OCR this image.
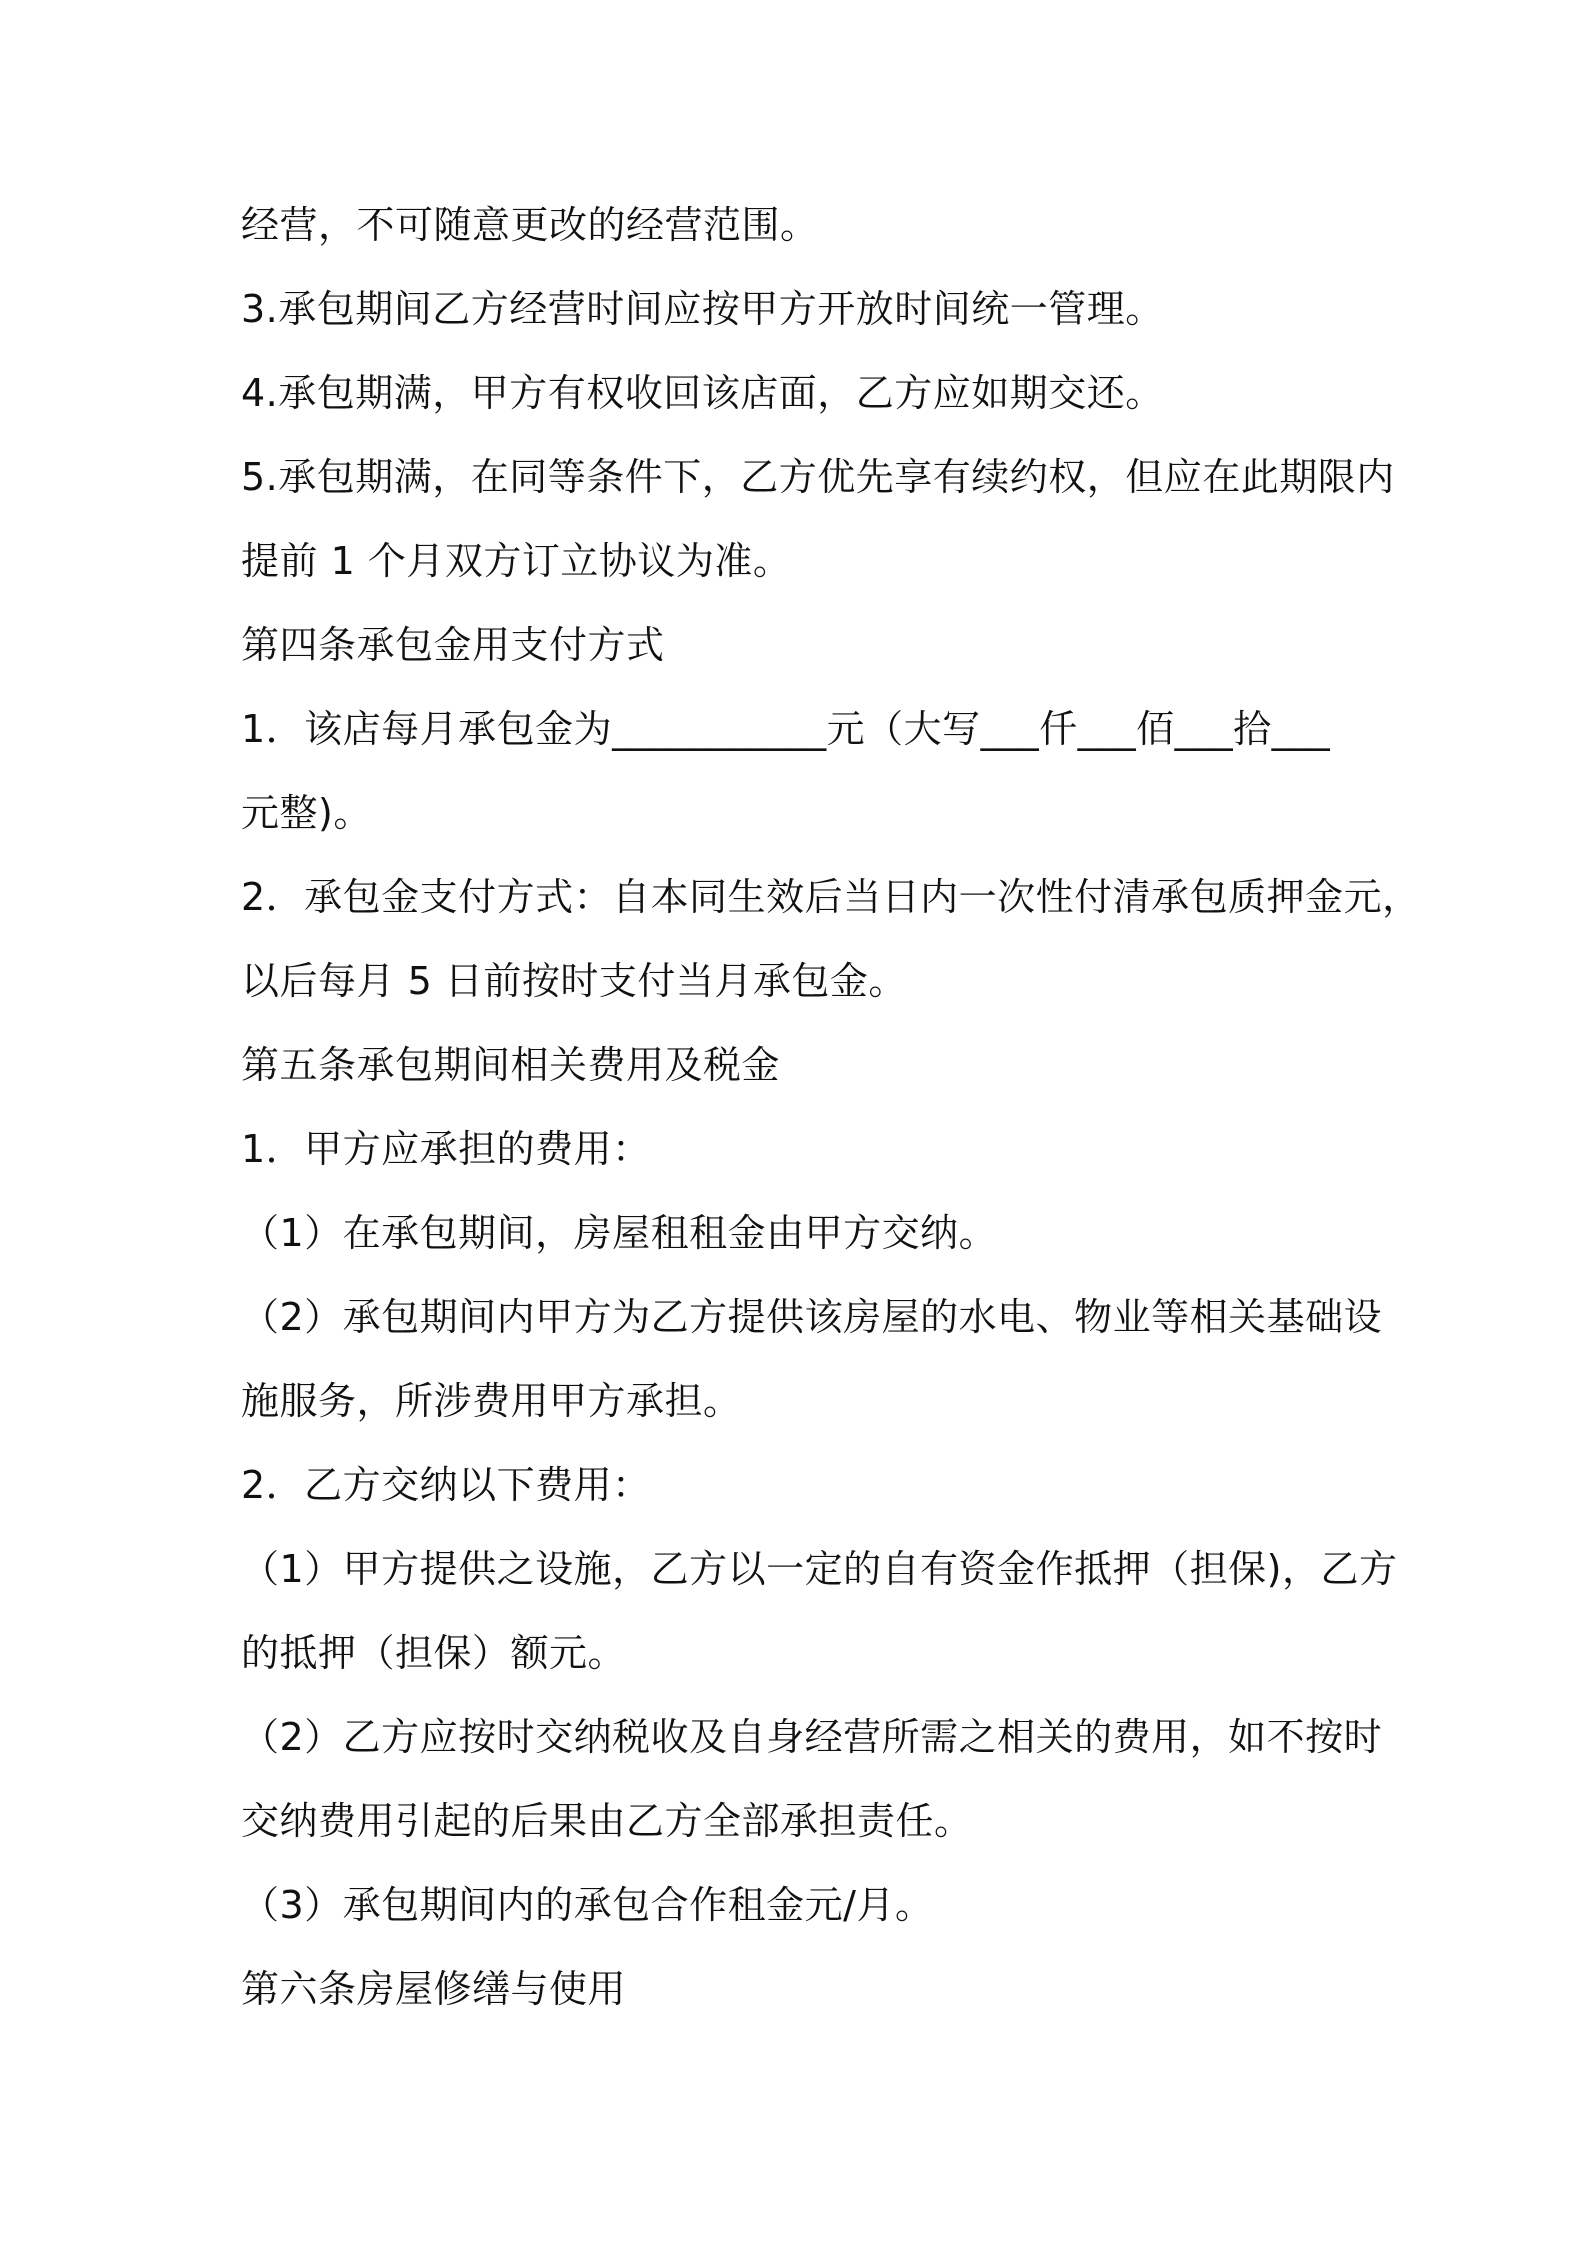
经营，不可随意更改的经营范围。
3.承包期间乙方经营时间应按甲方开放时间统一管理。
4.承包期满，甲方有权收回该店面，乙方应如期交还。
5.承包期满，在同等条件下，乙方优先享有续约权，但应在此期限内
提前 1 个月双方订立协议为准。
第四条承包金用支付方式
1．该店每月承包金为___________元（大写___仟___佰___拾___
元整)。
2．承包金支付方式：自本同生效后当日内一次性付清承包质押金元，
以后每月 5 日前按时支付当月承包金。
第五条承包期间相关费用及税金
1．甲方应承担的费用：
（1）在承包期间，房屋租租金由甲方交纳。
（2）承包期间内甲方为乙方提供该房屋的水电、物业等相关基础设
施服务，所涉费用甲方承担。
2．乙方交纳以下费用：
（1）甲方提供之设施，乙方以一定的自有资金作抵押（担保)，乙方
的抵押（担保）额元。
（2）乙方应按时交纳税收及自身经营所需之相关的费用，如不按时
交纳费用引起的后果由乙方全部承担责任。
（3）承包期间内的承包合作租金元/月。
第六条房屋修缮与使用
